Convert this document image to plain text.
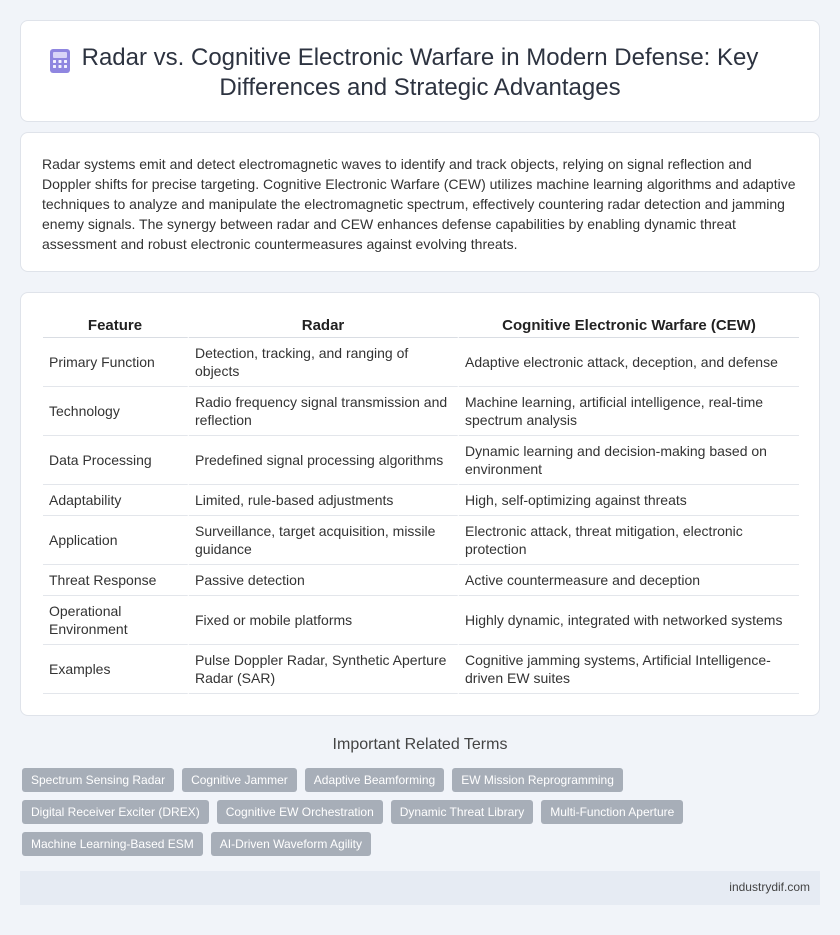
Radar vs. Cognitive Electronic Warfare in Modern Defense: Key
Differences and Strategic Advantages

Radar systems emit and detect electromagnetic waves to identify and track objects, relying on signal reflection and Doppler shifts for precise targeting. Cognitive Electronic Warfare (CEW) utilizes machine learning algorithms and adaptive techniques to analyze and manipulate the electromagnetic spectrum, effectively countering radar detection and jamming enemy signals. The synergy between radar and CEW enhances defense capabilities by enabling dynamic threat assessment and robust electronic countermeasures against evolving threats.

Feature	Radar	Cognitive Electronic Warfare (CEW)
Primary Function	Detection, tracking, and ranging of objects	Adaptive electronic attack, deception, and defense
Technology	Radio frequency signal transmission and reflection	Machine learning, artificial intelligence, real-time spectrum analysis
Data Processing	Predefined signal processing algorithms	Dynamic learning and decision-making based on environment
Adaptability	Limited, rule-based adjustments	High, self-optimizing against threats
Application	Surveillance, target acquisition, missile guidance	Electronic attack, threat mitigation, electronic protection
Threat Response	Passive detection	Active countermeasure and deception
Operational Environment	Fixed or mobile platforms	Highly dynamic, integrated with networked systems
Examples	Pulse Doppler Radar, Synthetic Aperture Radar (SAR)	Cognitive jamming systems, Artificial Intelligence-driven EW suites
Important Related Terms
Spectrum Sensing Radar	Cognitive Jammer	Adaptive Beamforming	EW Mission Reprogramming
Digital Receiver Exciter (DREX)	Cognitive EW Orchestration	Dynamic Threat Library	Multi-Function Aperture
Machine Learning-Based ESM	AI-Driven Waveform Agility
industrydif.com
